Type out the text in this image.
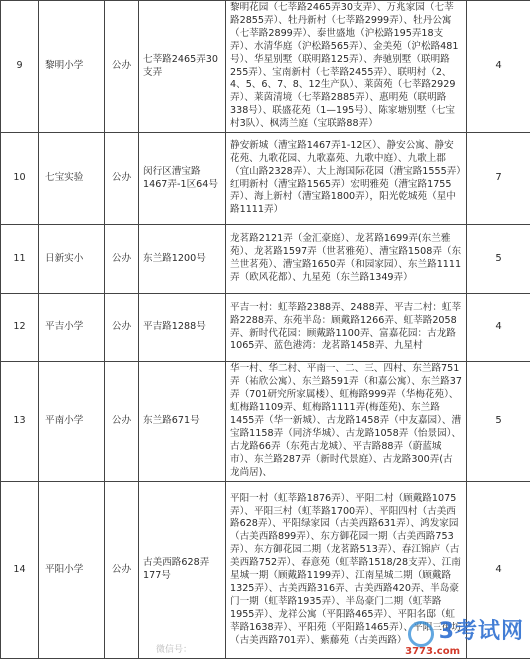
9	黎明小学	公办	七莘路2465弄30支弄	黎明花园（七莘路2465弄30支弄）、万兆家园（七莘路2855弄）、牡丹新村（七莘路2999弄）、牡丹公寓（七莘路2899弄）、泰世盛地（沪松路195弄18支弄）、水清华庭（沪松路565弄）、金美苑（沪松路481号）、华星别墅（联明路125弄）、奔驰别墅（联明路255弄）、宝南新村（七莘路2455弄）、联明村（2、4、5、6、7、8、12生产队）、莱茵苑（七莘路2929弄）、莱茵清境（七莘路2885弄）、惠明苑（联明路338号）、联盛花苑（1—195号）、陈家塘别墅（七宝村3队）、枫湾兰庭（宝联路88弄）	4
10	七宝实验	公办	闵行区漕宝路1467弄-1区64号	静安新城（漕宝路1467弄1-12区）、静安公寓、静安花苑、九歌花园、九歌嘉苑、九歌中庭）、九歌上郡（宜山路2328弄）、大上海国际花园（漕宝路1555弄）红明新村（漕宝路1565弄）宏明雅苑（漕宝路1755弄）、海上新村（漕宝路1800弄），阳光乾城苑（星中路1111弄）	7
11	日新实小	公办	东兰路1200号	龙茗路2121弄（金汇豪庭）、龙茗路1699弄(东兰雅苑）、龙茗路1597弄（世茗雅苑）、漕宝路1508弄（东兰世茗苑）、漕宝路1650弄（和园家园）、东兰路1111弄（欧风花都）、九星苑（东兰路1349弄）	5
12	平吉小学	公办	平吉路1288号	平吉一村：虹莘路2388弄、2488弄、平吉二村：虹莘路2288弄、东苑半岛：顾戴路1266弄、虹莘路2058弄、新时代花园：顾戴路1100弄、富嘉花园：古龙路1065弄、蓝色港湾：龙茗路1458弄、九星村	4
13	平南小学	公办	东兰路671号	华一村、华二村、平南一、二、三、四村、东兰路751弄（祐欣公寓）、东兰路591弄（和嘉公寓）、东兰路37弄（701研究所家属楼）、虹梅路999弄（华梅花苑）、虹梅路1109弄、虹梅路1111弄(梅莲苑)、东兰路1455弄（华一新城）、古龙路1458弄（中友嘉园）、漕宝路1158弄（同济华城）、古龙路1058弄（怡景园）、古龙路66弄（东苑古龙城）、平吉路88弄（蔚蓝城市）、东兰路287弄（新时代景庭）、古龙路300弄(古龙尚居)、	5
14	平阳小学	公办	古美西路628弄177号	平阳一村（虹莘路1876弄）、平阳二村（顾戴路1075弄）、平阳三村（虹莘路1700弄）、平阳四村（古美西路628弄）、平阳绿家园（古美西路631弄）、鸿发家园（古美西路899弄）、东方御花园一期（古美西路753弄）、东方御花园二期（龙茗路513弄）、春江锦庐（古美西路752弄）、春意苑（虹莘路1518/28支弄）、江南星城一期（顾戴路1199弄）、江南星城二期（顾戴路1325弄）、古美西路316弄、古美西路420弄、半岛豪门一期（虹莘路1935弄）、半岛豪门二期（虹莘路1955弄）、龙祥公寓（平阳路465弄）、平阳名邸（虹莘路1638弄）、平阳苑（平阳路1465弄）、平阳三街坊（古美西路701弄）、紫藤苑（古美西路）	4
微信号：
3考试网
3773.com
